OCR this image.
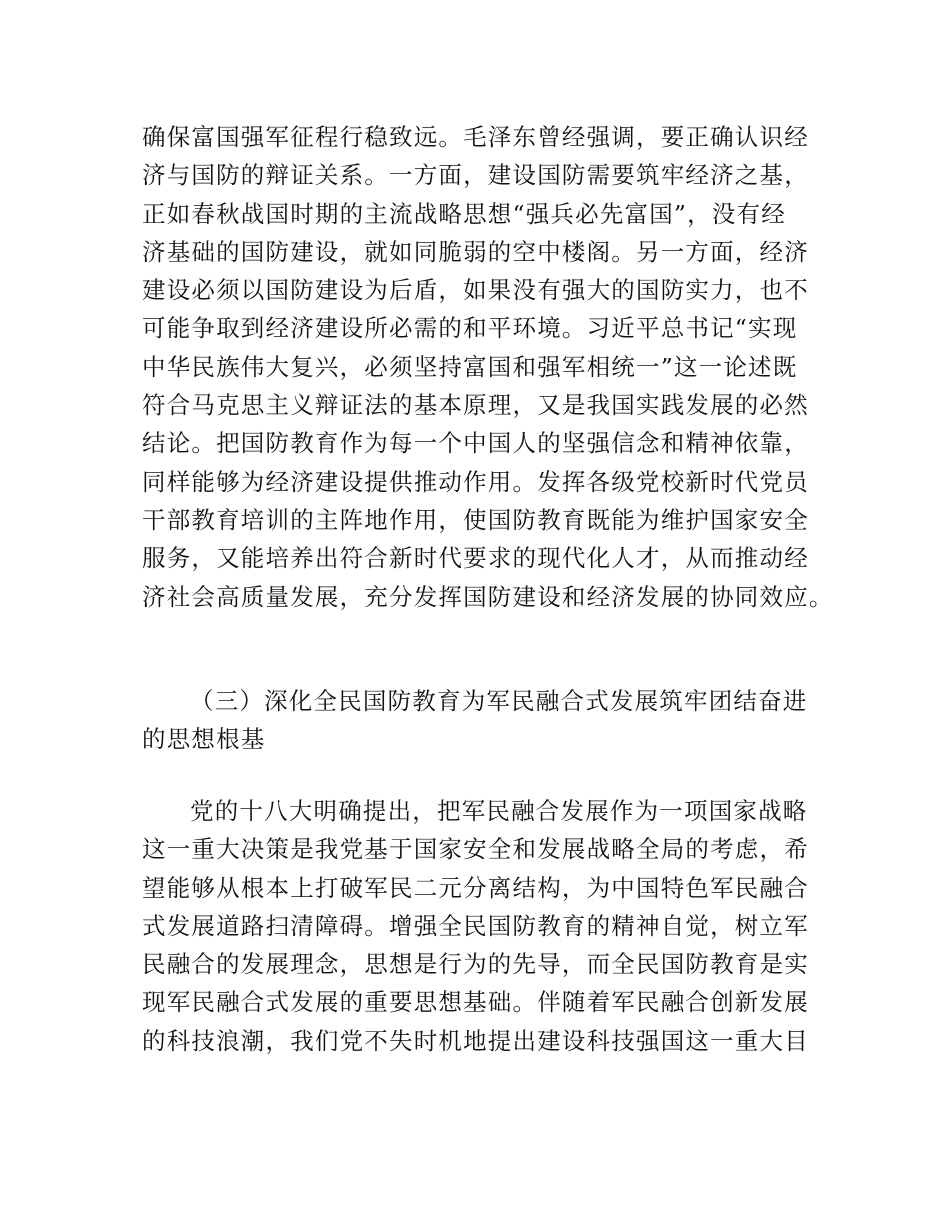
确保富国强军征程行稳致远。毛泽东曾经强调，要正确认识经
济与国防的辩证关系。一方面，建设国防需要筑牢经济之基，
正如春秋战国时期的主流战略思想“强兵必先富国”，没有经
济基础的国防建设，就如同脆弱的空中楼阁。另一方面，经济
建设必须以国防建设为后盾，如果没有强大的国防实力，也不
可能争取到经济建设所必需的和平环境。习近平总书记“实现
中华民族伟大复兴，必须坚持富国和强军相统一”这一论述既
符合马克思主义辩证法的基本原理，又是我国实践发展的必然
结论。把国防教育作为每一个中国人的坚强信念和精神依靠，
同样能够为经济建设提供推动作用。发挥各级党校新时代党员
干部教育培训的主阵地作用，使国防教育既能为维护国家安全
服务，又能培养出符合新时代要求的现代化人才，从而推动经
济社会高质量发展，充分发挥国防建设和经济发展的协同效应。
（三）深化全民国防教育为军民融合式发展筑牢团结奋进
的思想根基
党的十八大明确提出，把军民融合发展作为一项国家战略
这一重大决策是我党基于国家安全和发展战略全局的考虑，希
望能够从根本上打破军民二元分离结构，为中国特色军民融合
式发展道路扫清障碍。增强全民国防教育的精神自觉，树立军
民融合的发展理念，思想是行为的先导，而全民国防教育是实
现军民融合式发展的重要思想基础。伴随着军民融合创新发展
的科技浪潮，我们党不失时机地提出建设科技强国这一重大目
